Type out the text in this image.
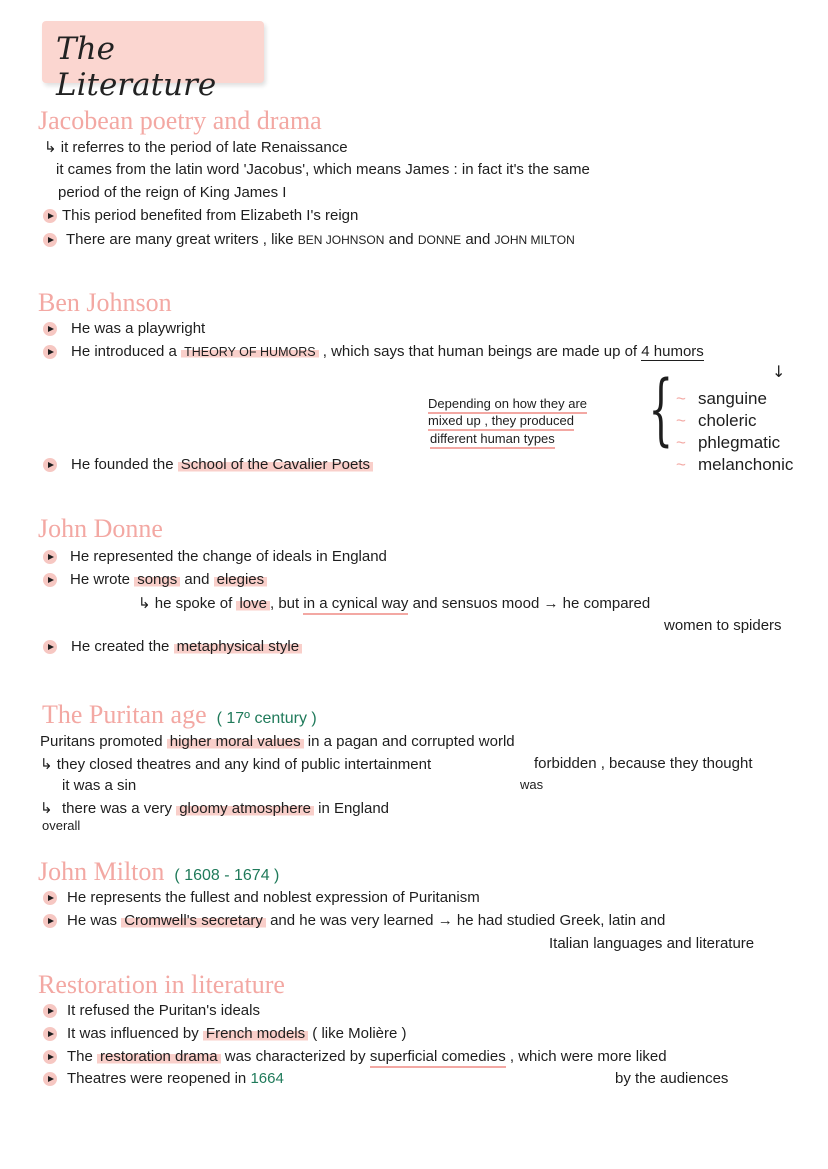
The Literature
Jacobean poetry and drama
↳ it referres to the period of late Renaissance
it cames from the latin word 'Jacobus', which means James : in fact it's the same
period of the reign of King James I
This period benefited from Elizabeth I's reign
There are many great writers , like BEN JOHNSON and DONNE and JOHN MILTON
Ben Johnson
He was a playwright
He introduced a THEORY OF HUMORS , which says that human beings are made up of 4 humors
↓
Depending on how they are
mixed up , they produced
different human types { ~ sanguine
~ choleric
~ phlegmatic
~ melanchonic
He founded the School of the Cavalier Poets
John Donne
He represented the change of ideals in England
He wrote songs and elegies
↳ he spoke of love , but in a cynical way and sensuos mood → he compared
women to spiders
He created the metaphysical style
The Puritan age ( 17º century )
Puritans promoted higher moral values in a pagan and corrupted world
↳ they closed theatres and any kind of public intertainment	forbidden , because they thought
was
it was a sin
↳ there was a very gloomy atmosphere in England
overall
John Milton ( 1608 - 1674 )
He represents the fullest and noblest expression of Puritanism
He was Cromwell's secretary and he was very learned → he had studied Greek, latin and
Italian languages and literature
Restoration in literature
It refused the Puritan's ideals
It was influenced by French models ( like Molière )
The restoration drama was characterized by superficial comedies , which were more liked
Theatres were reopened in 1664	by the audiences
